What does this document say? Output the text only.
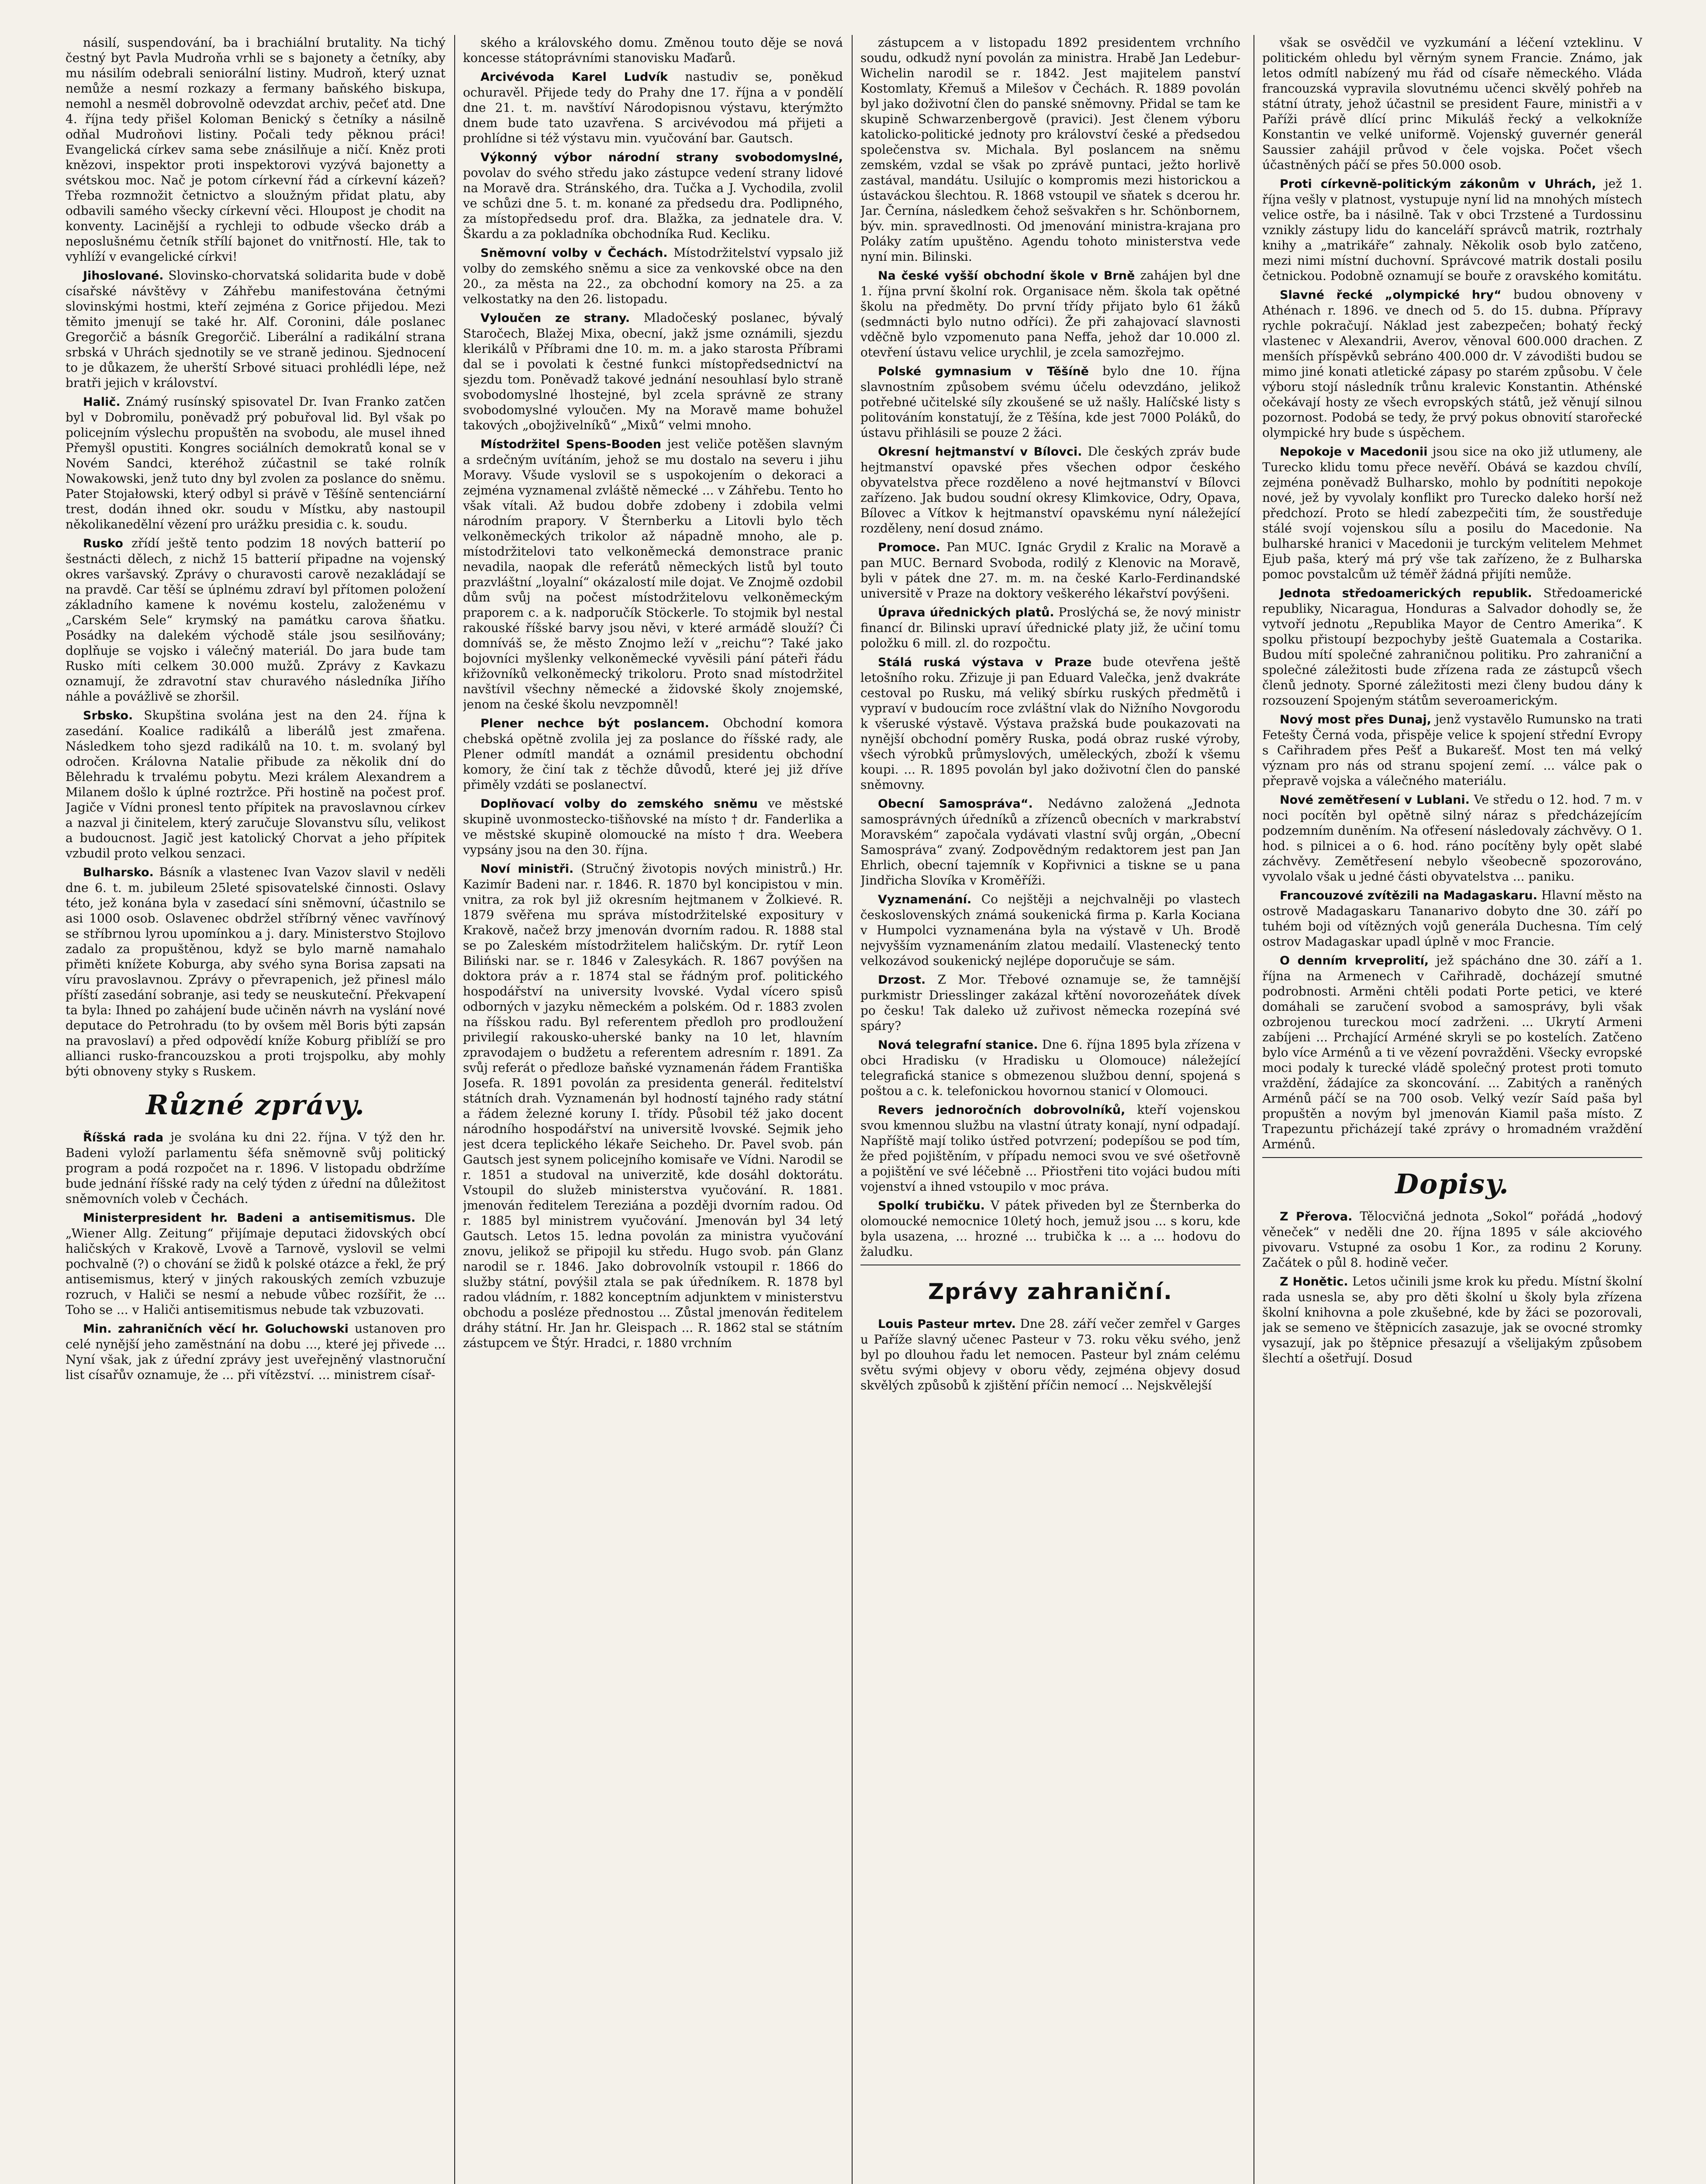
násilí, suspendování, ba i brachiální brutality. Na tichý čestný byt Pavla Mudroňa vrhli se s bajonety a četníky, aby mu násilím odebrali seniorální listiny. Mudroň, který uznat nemůže a nesmí rozkazy a fermany baňského biskupa, nemohl a nesměl dobrovolně odevzdat archiv, pečeť atd. Dne 4. října tedy přišel Koloman Benický s četníky a násilně odňal Mudroňovi listiny. Počali tedy pěknou práci! Evangelická církev sama sebe znásilňuje a ničí. Kněz proti knězovi, inspektor proti inspektorovi vyzývá bajonetty a svétskou moc. Nač je potom církevní řád a církevní kázeň? Třeba rozmnožit četnictvo a sloužným přidat platu, aby odbavili samého všecky církevní věci. Hloupost je chodit na konventy. Lacinější a rychleji to odbude všecko dráb a neposlušnému četník střílí bajonet do vnitřností. Hle, tak to vyhlíží v evangelické církvi!
Jihoslované. Slovinsko-chorvatská solidarita bude v době císařské návštěvy v Záhřebu manifestována četnými slovinskými hostmi, kteří zejména z Gorice přijedou. Mezi těmito jmenují se také hr. Alf. Coronini, dále poslanec Gregorčič a básník Gregorčič. Liberální a radikální strana srbská v Uhrách sjednotily se ve straně jedinou. Sjednocení to je důkazem, že uherští Srbové situaci prohlédli lépe, než bratři jejich v království.
Halič. Známý rusínský spisovatel Dr. Ivan Franko zatčen byl v Dobromilu, poněvadž prý pobuřoval lid. Byl však po policejním výslechu propuštěn na svobodu, ale musel ihned Přemyšl opustiti. Kongres sociálních demokratů konal se v Novém Sandci, kteréhož zúčastnil se také rolník Nowakowski, jenž tuto dny byl zvolen za poslance do sněmu. Pater Stojałowski, který odbyl si právě v Těšíně sentenciární trest, dodán ihned okr. soudu v Místku, aby nastoupil několikanedělní vězení pro urážku presidia c. k. soudu.
Rusko zřídí ještě tento podzim 18 nových batterií po šestnácti dělech, z nichž 15 batterií připadne na vojenský okres varšavský. Zprávy o churavosti carově nezakládají se na pravdě. Car těší se úplnému zdraví byl přítomen položení základního kamene k novému kostelu, založenému v „Carském Sele“ krymský na památku carova šňatku. Posádky na dalekém východě stále jsou sesilňovány; doplňuje se vojsko i válečný materiál. Do jara bude tam Rusko míti celkem 30.000 mužů. Zprávy z Kavkazu oznamují, že zdravotní stav churavého následníka Jiřího náhle a povážlivě se zhoršil.
Srbsko. Skupština svolána jest na den 24. října k zasedání. Koalice radikálů a liberálů jest zmařena. Následkem toho sjezd radikálů na 10. t. m. svolaný byl odročen. Královna Natalie přibude za několik dní do Bělehradu k trvalému pobytu. Mezi králem Alexandrem a Milanem došlo k úplné roztržce. Při hostině na počest prof. Jagiče v Vídni pronesl tento přípitek na pravoslavnou církev a nazval ji činitelem, který zaručuje Slovanstvu sílu, velikost a budoucnost. Jagič jest katolický Chorvat a jeho přípitek vzbudil proto velkou senzaci.
Bulharsko. Básník a vlastenec Ivan Vazov slavil v neděli dne 6. t. m. jubileum 25leté spisovatelské činnosti. Oslavy této, jež konána byla v zasedací síni sněmovní, účastnilo se asi 1000 osob. Oslavenec obdržel stříbrný věnec vavřínový se stříbrnou lyrou upomínkou a j. dary. Ministerstvo Stojlovo zadalo za propuštěnou, když se bylo marně namahalo přiměti knížete Koburga, aby svého syna Borisa zapsati na víru pravoslavnou. Zprávy o převrapenich, jež přinesl málo příští zasedání sobranje, asi tedy se neuskuteční. Překvapení ta byla: Ihned po zahájení bude učiněn návrh na vyslání nové deputace do Petrohradu (to by ovšem měl Boris býti zapsán na pravoslaví) a před odpovědí kníže Koburg přiblíží se pro allianci rusko-francouzskou a proti trojspolku, aby mohly býti obnoveny styky s Ruskem.
Různé zprávy.
Říšská rada je svolána ku dni 22. října. V týž den hr. Badeni vyloží parlamentu šéfa sněmovně svůj politický program a podá rozpočet na r. 1896. V listopadu obdržíme bude jednání říšské rady na celý týden z úřední na důležitost sněmovních voleb v Čechách.
Ministerpresident hr. Badeni a antisemitismus. Dle „Wiener Allg. Zeitung“ přijímaje deputaci židovských obcí haličských v Krakově, Lvově a Tarnově, vyslovil se velmi pochvalně (?) o chování se židů k polské otázce a řekl, že prý antisemismus, který v jiných rakouských zemích vzbuzuje rozruch, v Haliči se nesmí a nebude vůbec rozšířit, že ... Toho se ... v Haliči antisemitismus nebude tak vzbuzovati.
Min. zahraničních věcí hr. Goluchowski ustanoven pro celé nynější jeho zaměstnání na dobu ..., které jej přivede ... Nyní však, jak z úřední zprávy jest uveřejněný vlastnoruční list císařův oznamuje, že ... při vítězství. ... ministrem císař-
ského a královského domu. Změnou touto děje se nová koncesse státoprávními stanovisku Maďarů.
Arcivévoda Karel Ludvík nastudiv se, poněkud ochuravěl. Přijede tedy do Prahy dne 17. října a v pondělí dne 21. t. m. navštíví Národopisnou výstavu, kterýmžto dnem bude tato uzavřena. S arcivévodou má přijeti a prohlídne si též výstavu min. vyučování bar. Gautsch.
Výkonný výbor národní strany svobodomyslné, povolav do svého středu jako zástupce vedení strany lidové na Moravě dra. Stránského, dra. Tučka a J. Vychodila, zvolil ve schůzi dne 5. t. m. konané za předsedu dra. Podlipného, za místopředsedu prof. dra. Blažka, za jednatele dra. V. Škardu a za pokladníka obchodníka Rud. Kecliku.
Sněmovní volby v Čechách. Místodržitelství vypsalo již volby do zemského sněmu a sice za venkovské obce na den 20., za města na 22., za obchodní komory na 25. a za velkostatky na den 26. listopadu.
Vyloučen ze strany. Mladočeský poslanec, bývalý Staročech, Blažej Mixa, obecní, jakž jsme oznámili, sjezdu klerikálů v Příbrami dne 10. m. m. a jako starosta Příbrami dal se i povolati k čestné funkci místopředsednictví na sjezdu tom. Poněvadž takové jednání nesouhlasí bylo straně svobodomyslné lhostejné, byl zcela správně ze strany svobodomyslné vyloučen. My na Moravě mame bohužel takových „obojživelníků“ „Mixů“ velmi mnoho.
Místodržitel Spens-Booden jest veliče potěšen slavným a srdečným uvítáním, jehož se mu dostalo na severu i jihu Moravy. Všude vyslovil se s uspokojením o dekoraci a zejména vyznamenal zvláště německé ... v Záhřebu. Tento ho však vítali. Až budou dobře zdobeny i zdobila velmi národním prapory. V Šternberku a Litovli bylo těch velkoněmeckých trikolor až nápadně mnoho, ale p. místodržitelovi tato velkoněmecká demonstrace pranic nevadila, naopak dle referátů německých listů byl touto prazvláštní „loyalní“ okázalostí mile dojat. Ve Znojmě ozdobil dům svůj na počest místodržitelovu velkoněmeckým praporem c. a k. nadporučík Stöckerle. To stojmik byl nestal rakouské říšské barvy jsou něvi, v které armádě slouží? Či domníváš se, že město Znojmo leží v „reichu“? Také jako bojovníci myšlenky velkoněmecké vyvěsili pání páteři řádu křižovníků velkoněmecký trikoloru. Proto snad místodržitel navštívil všechny německé a židovské školy znojemské, jenom na české školu nevzpomněl!
Plener nechce být poslancem. Obchodní komora chebská opětně zvolila jej za poslance do říšské rady, ale Plener odmítl mandát a oznámil presidentu obchodní komory, že činí tak z těchže důvodů, které jej již dříve přiměly vzdáti se poslanectví.
Doplňovací volby do zemského sněmu ve městské skupině uvonmostecko-tišňovské na místo † dr. Fanderlika a ve městské skupině olomoucké na místo † dra. Weebera vypsány jsou na den 30. října.
Noví ministři. (Stručný životopis nových ministrů.) Hr. Kazimír Badeni nar. r. 1846. R. 1870 byl koncipistou v min. vnitra, za rok byl již okresním hejtmanem v Žolkievé. R. 1879 svěřena mu správa místodržitelské expositury v Krakově, načež brzy jmenován dvorním radou. R. 1888 stal se po Zaleském místodržitelem haličským. Dr. rytíř Leon Biliński nar. se r. 1846 v Zalesykách. R. 1867 povýšen na doktora práv a r. 1874 stal se řádným prof. politického hospodářství na university lvovské. Vydal vícero spisů odborných v jazyku německém a polském. Od r. 1883 zvolen na říšskou radu. Byl referentem předloh pro prodloužení privilegií rakousko-uherské banky na 10 let, hlavním zpravodajem o budžetu a referentem adresním r. 1891. Za svůj referát o předloze baňské vyznamenán řádem Františka Josefa. R. 1891 povolán za presidenta generál. ředitelství státních drah. Vyznamenán byl hodností tajného rady státní a řádem železné koruny I. třídy. Působil též jako docent národního hospodářství na universitě lvovské. Sejmik jeho jest dcera teplického lékaře Seicheho. Dr. Pavel svob. pán Gautsch jest synem policejního komisaře ve Vídni. Narodil se r. 1851 a studoval na univerzitě, kde dosáhl doktorátu. Vstoupil do služeb ministerstva vyučování. R. 1881. jmenován ředitelem Tereziána a později dvorním radou. Od r. 1885 byl ministrem vyučování. Jmenován byl 34 letý Gautsch. Letos 15. ledna povolán za ministra vyučování znovu, jelikož se připojil ku středu. Hugo svob. pán Glanz narodil se r. 1846. Jako dobrovolník vstoupil r. 1866 do služby státní, povýšil ztala se pak úředníkem. R. 1878 byl radou vládním, r. 1882 konceptním adjunktem v ministerstvu obchodu a posléze přednostou ... Zůstal jmenován ředitelem dráhy státní. Hr. Jan hr. Gleispach ... R. 1862 stal se státním zástupcem ve Štýr. Hradci, r. 1880 vrchním
zástupcem a v listopadu 1892 presidentem vrchního soudu, odkudž nyní povolán za ministra. Hrabě Jan Ledebur-Wichelin narodil se r. 1842. Jest majitelem panství Kostomlaty, Křemuš a Milešov v Čechách. R. 1889 povolán byl jako doživotní člen do panské sněmovny. Přidal se tam ke skupině Schwarzenbergově (pravici). Jest členem výboru katolicko-politické jednoty pro království české a předsedou společenstva sv. Michala. Byl poslancem na sněmu zemském, vzdal se však po zprávě puntaci, ježto horlivě zastával, mandátu. Usilujíc o kompromis mezi historickou a ústaváckou šlechtou. R. 1868 vstoupil ve sňatek s dcerou hr. Jar. Černína, následkem čehož sešvakřen s hr. Schönbornem, býv. min. spravedlnosti. Od jmenování ministra-krajana pro Poláky zatím upuštěno. Agendu tohoto ministerstva vede nyní min. Bilinski.
Na české vyšší obchodní škole v Brně zahájen byl dne 1. října první školní rok. Organisace něm. škola tak opětné školu na předměty. Do první třídy přijato bylo 61 žáků (sedmnácti bylo nutno odříci). Že při zahajovací slavnosti vděčně bylo vzpomenuto pana Neffa, jehož dar 10.000 zl. otevření ústavu velice urychlil, je zcela samozřejmo.
Polské gymnasium v Těšíně bylo dne 10. října slavnostním způsobem svému účelu odevzdáno, jelikož potřebné učitelské síly zkoušené se už našly. Halíčské listy s politováním konstatují, že z Těšína, kde jest 7000 Poláků, do ústavu přihlásili se pouze 2 žáci.
Okresní hejtmanství v Bílovci. Dle českých zpráv bude hejtmanství opavské přes všechen odpor českého obyvatelstva přece rozděleno a nové hejtmanství v Bílovci zařízeno. Jak budou soudní okresy Klimkovice, Odry, Opava, Bílovec a Vítkov k hejtmanství opavskému nyní náležející rozděleny, není dosud známo.
Promoce. Pan MUC. Ignác Grydil z Kralic na Moravě a pan MUC. Bernard Svoboda, rodilý z Klenovic na Moravě, byli v pátek dne 27. m. m. na české Karlo-Ferdinandské universitě v Praze na doktory veškerého lékařství povýšeni.
Úprava úřednických platů. Proslýchá se, že nový ministr financí dr. Bilinski upraví úřednické platy již, že učiní tomu položku 6 mill. zl. do rozpočtu.
Stálá ruská výstava v Praze bude otevřena ještě letošního roku. Zřizuje ji pan Eduard Valečka, jenž dvakráte cestoval po Rusku, má veliký sbírku ruských předmětů i vypraví v budoucím roce zvláštní vlak do Nižního Novgorodu k všeruské výstavě. Výstava pražská bude poukazovati na nynější obchodní poměry Ruska, podá obraz ruské výroby, všech výrobků průmyslových, uměleckých, zboží k všemu koupi. ... R. 1895 povolán byl jako doživotní člen do panské sněmovny.
Obecní Samospráva“. Nedávno založená „Jednota samosprávných úředníků a zřízenců obecních v markrabství Moravském“ započala vydávati vlastní svůj orgán, „Obecní Samospráva“ zvaný. Zodpovědným redaktorem jest pan Jan Ehrlich, obecní tajemník v Kopřivnici a tiskne se u pana Jindřicha Slovíka v Kroměříži.
Vyznamenání. Co nejštěji a nejchvalněji po vlastech československých známá soukenická firma p. Karla Kociana v Humpolci vyznamenána byla na výstavě v Uh. Brodě nejvyšším vyznamenáním zlatou medailí. Vlastenecký tento velkozávod soukenický nejlépe doporučuje se sám.
Drzost. Z Mor. Třebové oznamuje se, že tamnější purkmistr Driesslinger zakázal křtění novorozeňátek dívek po česku! Tak daleko už zuřivost německa rozepíná své spáry?
Nová telegrafní stanice. Dne 6. října 1895 byla zřízena v obci Hradisku (v Hradisku u Olomouce) náležející telegrafická stanice s obmezenou službou denní, spojená s poštou a c. k. telefonickou hovornou stanicí v Olomouci.
Revers jednoročních dobrovolníků, kteří vojenskou svou kmennou službu na vlastní útraty konají, nyní odpadají. Napříště mají toliko ústřed potvrzení; podepíšou se pod tím, že před pojištěním, v případu nemoci svou ve své ošetřovně a pojištění ve své léčebně ... Přiostřeni tito vojáci budou míti vojenství a ihned vstoupilo v moc práva.
Spolkí trubičku. V pátek přiveden byl ze Šternberka do olomoucké nemocnice 10letý hoch, jemuž jsou ... s koru, kde byla usazena, ... hrozné ... trubička k ... a ... hodovu do žaludku.
Zprávy zahraniční.
Louis Pasteur mrtev. Dne 28. září večer zemřel v Garges u Paříže slavný učenec Pasteur v 73. roku věku svého, jenž byl po dlouhou řadu let nemocen. Pasteur byl znám celému světu svými objevy v oboru vědy, zejména objevy dosud skvělých způsobů k zjištění příčin nemocí ... Nejskvělejší
však se osvědčil ve vyzkumání a léčení vzteklinu. V politickém ohledu byl věrným synem Francie. Známo, jak letos odmítl nabízený mu řád od císaře německého. Vláda francouzská vypravila slovutnému učenci skvělý pohřeb na státní útraty, jehož účastnil se president Faure, ministři a v Paříži právě dlící princ Mikuláš řecký a velkokníže Konstantin ve velké uniformě. Vojenský guvernér generál Saussier zahájil průvod v čele vojska. Počet všech účastněných páčí se přes 50.000 osob.
Proti církevně-politickým zákonům v Uhrách, jež 1. října vešly v platnost, vystupuje nyní lid na mnohých místech velice ostře, ba i násilně. Tak v obci Trzstené a Turdossinu vznikly zástupy lidu do kanceláří správců matrik, roztrhaly knihy a „matrikáře“ zahnaly. Několik osob bylo zatčeno, mezi nimi místní duchovní. Správcové matrik dostali posilu četnickou. Podobně oznamují se bouře z oravského komitátu.
Slavné řecké „olympické hry“ budou obnoveny v Athénach r. 1896. ve dnech od 5. do 15. dubna. Přípravy rychle pokračují. Náklad jest zabezpečen; bohatý řecký vlastenec v Alexandrii, Averov, věnoval 600.000 drachen. Z menších příspěvků sebráno 400.000 dr. V závodišti budou se mimo jiné konati atletické zápasy po starém způsobu. V čele výboru stojí následník trůnu kralevic Konstantin. Athénské očekávají hosty ze všech evropských států, jež věnují silnou pozornost. Podobá se tedy, že prvý pokus obnovití starořecké olympické hry bude s úspěchem.
Nepokoje v Macedonii jsou sice na oko již utlumeny, ale Turecko klidu tomu přece nevěří. Obává se kazdou chvílí, zejména poněvadž Bulharsko, mohlo by podnítiti nepokoje nové, jež by vyvolaly konflikt pro Turecko daleko horší než předchozí. Proto se hledí zabezpečiti tím, že soustředuje stálé svojí vojenskou sílu a posilu do Macedonie. Na bulharské hranici v Macedonii je turckým velitelem Mehmet Ejub paša, který má prý vše tak zařízeno, že z Bulharska pomoc povstalcům už téměř žádná přijíti nemůže.
Jednota středoamerických republik. Středoamerické republiky, Nicaragua, Honduras a Salvador dohodly se, že vytvoří jednotu „Republika Mayor de Centro Amerika“. K spolku přistoupí bezpochyby ještě Guatemala a Costarika. Budou mítí společné zahraničnou politiku. Pro zahraniční a společné záležitosti bude zřízena rada ze zástupců všech členů jednoty. Sporné záležitosti mezi členy budou dány k rozsouzení Spojeným státům severoamerickým.
Nový most přes Dunaj, jenž vystavělo Rumunsko na trati Fetešty Černá voda, přispěje velice k spojení střední Evropy s Cařihradem přes Pešť a Bukarešť. Most ten má velký význam pro nás od stranu spojení zemí. ... válce pak o přepravě vojska a válečného materiálu.
Nové zemětřesení v Lublani. Ve středu o 12. hod. 7 m. v noci pocítěn byl opětně silný náraz s předcházejícím podzemním duněním. Na oťřesení následovaly záchvěvy. O 1. hod. s pilnicei a o 6. hod. ráno pocítěny byly opět slabé záchvěvy. Zemětřesení nebylo všeobecně spozorováno, vyvolalo však u jedné části obyvatelstva ... paniku.
Francouzové zvítězili na Madagaskaru. Hlavní město na ostrově Madagaskaru Tananarivo dobyto dne 30. září po tuhém boji od vítězných vojů generála Duchesna. Tím celý ostrov Madagaskar upadl úplně v moc Francie.
O denním krveprolití, jež spácháno dne 30. září a 1. října na Armenech v Cařihradě, docházejí smutné podrobnosti. Arměni chtěli podati Porte petici, ve které domáhali se zaručení svobod a samosprávy, byli však ozbrojenou tureckou mocí zadrženi. ... Ukrytí Armeni zabíjeni ... Prchající Arméné skryli se po kostelích. Zatčeno bylo více Arménů a ti ve vězení povražděni. Všecky evropské moci podaly k turecké vládě společný protest proti tomuto vraždění, žádajíce za skoncování. ... Zabitých a raněných Arménů páčí se na 700 osob. Velký vezír Saíd paša byl propuštěn a novým byl jmenován Kiamil paša místo. Z Trapezuntu přicházejí také zprávy o hromadném vraždění Arménů.
Dopisy.
Z Přerova. Tělocvičná jednota „Sokol“ pořádá „hodový věneček“ v neděli dne 20. října 1895 v sále akciového pivovaru. Vstupné za osobu 1 Kor., za rodinu 2 Koruny. Začátek o půl 8. hodině večer.
Z Honětic. Letos učinili jsme krok ku předu. Místní školní rada usnesla se, aby pro děti školní u školy byla zřízena školní knihovna a pole zkušebné, kde by žáci se pozorovali, jak se semeno ve štěpnicích zasazuje, jak se ovocné stromky vysazují, jak po štěpnice přesazují a všelijakým způsobem šlechtí a ošetřují. Dosud
